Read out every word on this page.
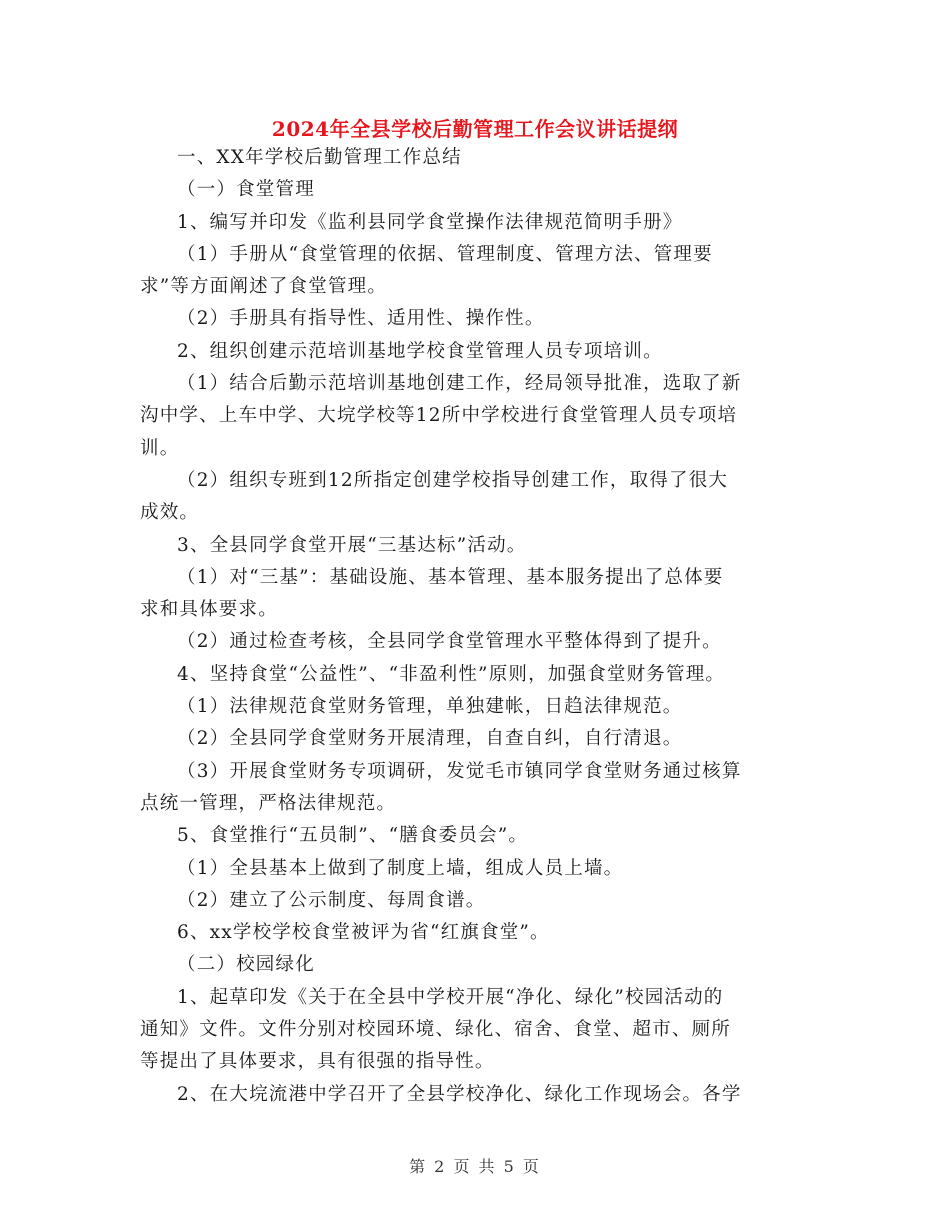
2024年全县学校后勤管理工作会议讲话提纲

一、XX年学校后勤管理工作总结

（一）食堂管理

1、编写并印发《监利县同学食堂操作法律规范简明手册》

（1）手册从“食堂管理的依据、管理制度、管理方法、管理要

求”等方面阐述了食堂管理。

（2）手册具有指导性、适用性、操作性。

2、组织创建示范培训基地学校食堂管理人员专项培训。

（1）结合后勤示范培训基地创建工作，经局领导批准，选取了新

沟中学、上车中学、大垸学校等12所中学校进行食堂管理人员专项培

训。

（2）组织专班到12所指定创建学校指导创建工作，取得了很大

成效。

3、全县同学食堂开展“三基达标”活动。

（1）对“三基”：基础设施、基本管理、基本服务提出了总体要

求和具体要求。

（2）通过检查考核，全县同学食堂管理水平整体得到了提升。

4、坚持食堂“公益性”、“非盈利性”原则，加强食堂财务管理。

（1）法律规范食堂财务管理，单独建帐，日趋法律规范。

（2）全县同学食堂财务开展清理，自查自纠，自行清退。

（3）开展食堂财务专项调研，发觉毛市镇同学食堂财务通过核算

点统一管理，严格法律规范。

5、食堂推行“五员制”、“膳食委员会”。

（1）全县基本上做到了制度上墙，组成人员上墙。

（2）建立了公示制度、每周食谱。

6、xx学校学校食堂被评为省“红旗食堂”。

（二）校园绿化

1、起草印发《关于在全县中学校开展“净化、绿化”校园活动的

通知》文件。文件分别对校园环境、绿化、宿舍、食堂、超市、厕所

等提出了具体要求，具有很强的指导性。

2、在大垸流港中学召开了全县学校净化、绿化工作现场会。各学

第 2 页 共 5 页
